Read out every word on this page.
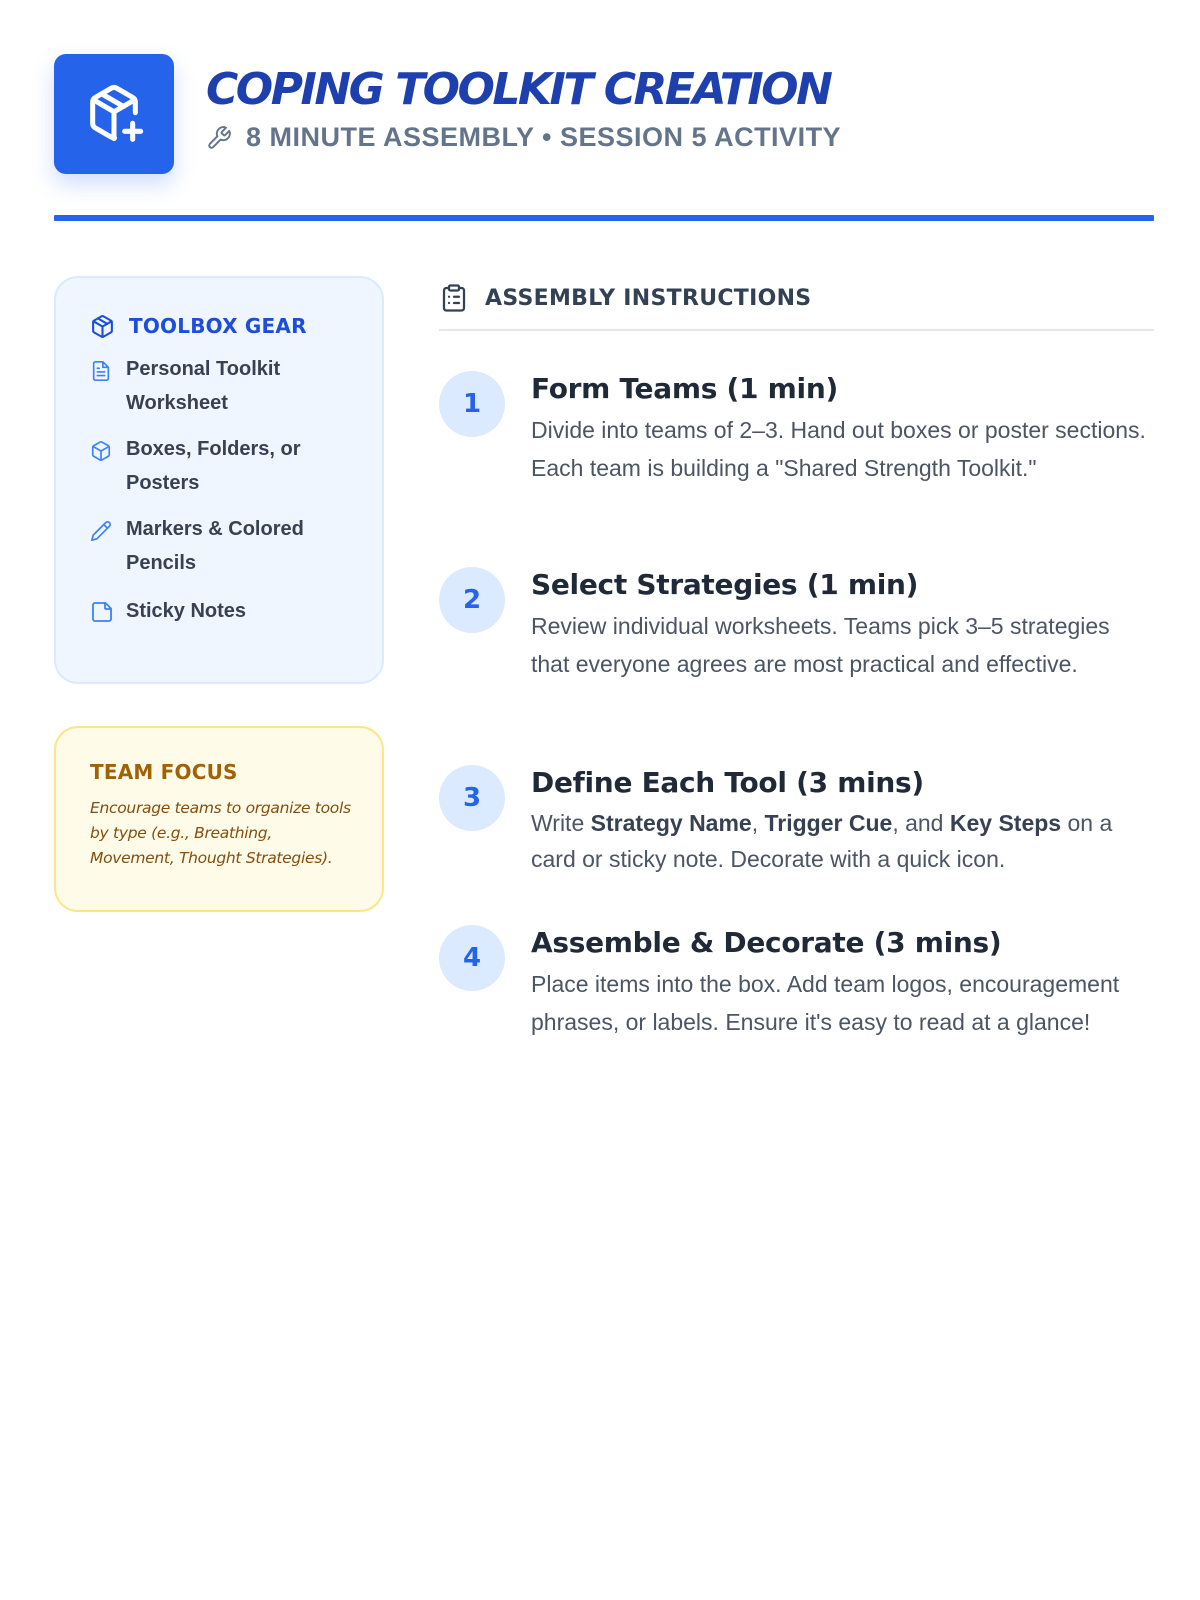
COPING TOOLKIT CREATION
8 MINUTE ASSEMBLY • SESSION 5 ACTIVITY
TOOLBOX GEAR
Personal Toolkit Worksheet
Boxes, Folders, or Posters
Markers & Colored Pencils
Sticky Notes
TEAM FOCUS
Encourage teams to organize tools by type (e.g., Breathing, Movement, Thought Strategies).
ASSEMBLY INSTRUCTIONS
1	Form Teams (1 min)
Divide into teams of 2–3. Hand out boxes or poster sections. Each team is building a "Shared Strength Toolkit."
2	Select Strategies (1 min)
Review individual worksheets. Teams pick 3–5 strategies that everyone agrees are most practical and effective.
3	Define Each Tool (3 mins)
Write Strategy Name, Trigger Cue, and Key Steps on a card or sticky note. Decorate with a quick icon.
4	Assemble & Decorate (3 mins)
Place items into the box. Add team logos, encouragement phrases, or labels. Ensure it's easy to read at a glance!
